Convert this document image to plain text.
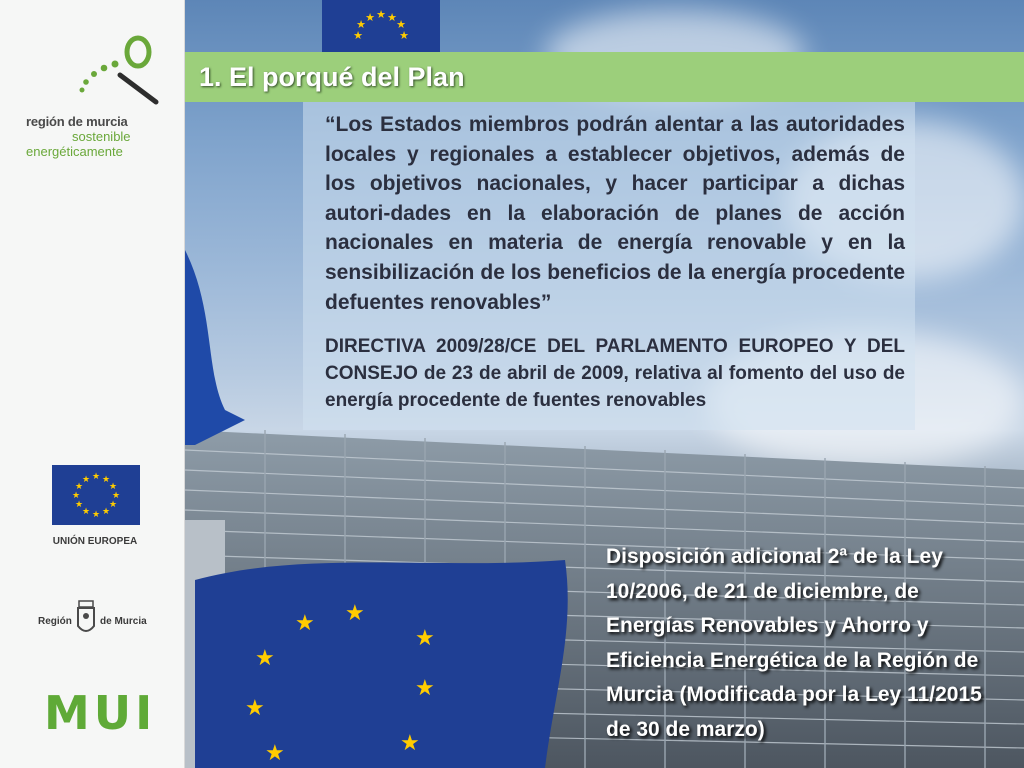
región de murcia
sostenible
energéticamente
★ ★
★
★
★
★
★
★
★
★
★
★
UNIÓN EUROPEA
Región	de Murcia
MUI
★ ★
★
★
★
★
★	★
★ ★
★
★
★
★
★
1. El porqué del Plan
“Los Estados miembros podrán alentar a las autoridades locales y regionales a establecer objetivos, además de los objetivos nacionales, y hacer participar a dichas autori-dades en la elaboración de planes de acción nacionales en materia de energía renovable y en la sensibilización de los beneficios de la energía procedente defuentes renovables”
DIRECTIVA 2009/28/CE DEL PARLAMENTO EUROPEO Y DEL CONSEJO de 23 de abril de 2009, relativa al fomento del uso de energía procedente de fuentes renovables
Disposición adicional 2ª de la Ley 10/2006, de 21 de diciembre, de Energías Renovables y Ahorro y Eficiencia Energética de la Región de Murcia (Modificada por la Ley 11/2015 de 30 de marzo)
